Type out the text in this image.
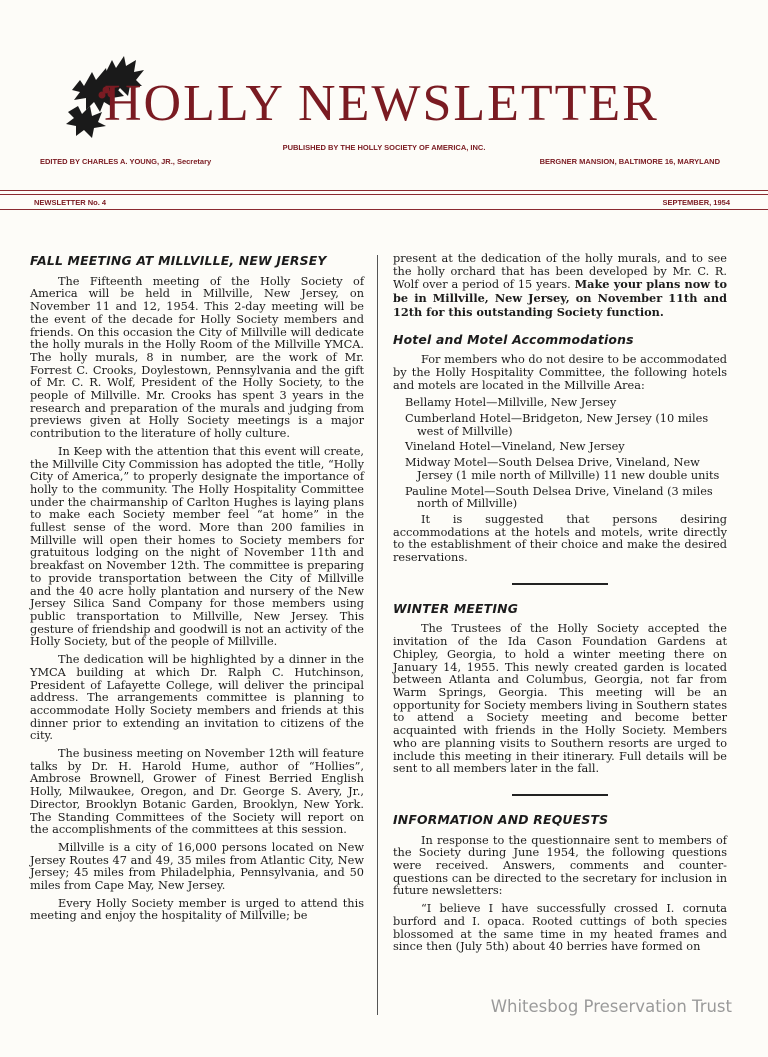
HOLLY NEWSLETTER
PUBLISHED BY THE HOLLY SOCIETY OF AMERICA, INC.
EDITED BY CHARLES A. YOUNG, JR., Secretary	BERGNER MANSION, BALTIMORE 16, MARYLAND
NEWSLETTER No. 4	SEPTEMBER, 1954
FALL MEETING AT MILLVILLE, NEW JERSEY

The Fifteenth meeting of the Holly Society of America will be held in Millville, New Jersey, on November 11 and 12, 1954. This 2-day meeting will be the event of the decade for Holly Society members and friends. On this occasion the City of Millville will dedicate the holly murals in the Holly Room of the Millville YMCA. The holly murals, 8 in number, are the work of Mr. Forrest C. Crooks, Doylestown, Pennsylvania and the gift of Mr. C. R. Wolf, President of the Holly Society, to the people of Millville. Mr. Crooks has spent 3 years in the research and preparation of the murals and judging from previews given at Holly Society meetings is a major contribution to the literature of holly culture.

In Keep with the attention that this event will create, the Millville City Commission has adopted the title, “Holly City of America,” to properly designate the importance of holly to the community. The Holly Hospitality Committee under the chairmanship of Carlton Hughes is laying plans to make each Society member feel “at home” in the fullest sense of the word. More than 200 families in Millville will open their homes to Society members for gratuitous lodging on the night of November 11th and breakfast on November 12th. The committee is preparing to provide transportation between the City of Millville and the 40 acre holly plantation and nursery of the New Jersey Silica Sand Company for those members using public transportation to Millville, New Jersey. This gesture of friendship and goodwill is not an activity of the Holly Society, but of the people of Millville.

The dedication will be highlighted by a dinner in the YMCA building at which Dr. Ralph C. Hutchinson, President of Lafayette College, will deliver the principal address. The arrangements committee is planning to accommodate Holly Society members and friends at this dinner prior to extending an invitation to citizens of the city.

The business meeting on November 12th will feature talks by Dr. H. Harold Hume, author of “Hollies”, Ambrose Brownell, Grower of Finest Berried English Holly, Milwaukee, Oregon, and Dr. George S. Avery, Jr., Director, Brooklyn Botanic Garden, Brooklyn, New York. The Standing Committees of the Society will report on the accomplishments of the committees at this session.

Millville is a city of 16,000 persons located on New Jersey Routes 47 and 49, 35 miles from Atlantic City, New Jersey; 45 miles from Philadelphia, Pennsylvania, and 50 miles from Cape May, New Jersey.

Every Holly Society member is urged to attend this meeting and enjoy the hospitality of Millville; be

present at the dedication of the holly murals, and to see the holly orchard that has been developed by Mr. C. R. Wolf over a period of 15 years. Make your plans now to be in Millville, New Jersey, on November 11th and 12th for this outstanding Society function.

Hotel and Motel Accommodations

For members who do not desire to be accommodated by the Holly Hospitality Committee, the following hotels and motels are located in the Millville Area:

Bellamy Hotel—Millville, New Jersey
Cumberland Hotel—Bridgeton, New Jersey (10 miles west of Millville)
Vineland Hotel—Vineland, New Jersey
Midway Motel—South Delsea Drive, Vineland, New Jersey (1 mile north of Millville) 11 new double units
Pauline Motel—South Delsea Drive, Vineland (3 miles north of Millville)

It is suggested that persons desiring accommodations at the hotels and motels, write directly to the establishment of their choice and make the desired reservations.

WINTER MEETING

The Trustees of the Holly Society accepted the invitation of the Ida Cason Foundation Gardens at Chipley, Georgia, to hold a winter meeting there on January 14, 1955. This newly created garden is located between Atlanta and Columbus, Georgia, not far from Warm Springs, Georgia. This meeting will be an opportunity for Society members living in Southern states to attend a Society meeting and become better acquainted with friends in the Holly Society. Members who are planning visits to Southern resorts are urged to include this meeting in their itinerary. Full details will be sent to all members later in the fall.

INFORMATION AND REQUESTS

In response to the questionnaire sent to members of the Society during June 1954, the following questions were received. Answers, comments and counter-questions can be directed to the secretary for inclusion in future newsletters:

“I believe I have successfully crossed I. cornuta burford and I. opaca. Rooted cuttings of both species blossomed at the same time in my heated frames and since then (July 5th) about 40 berries have formed on

Whitesbog Preservation Trust
